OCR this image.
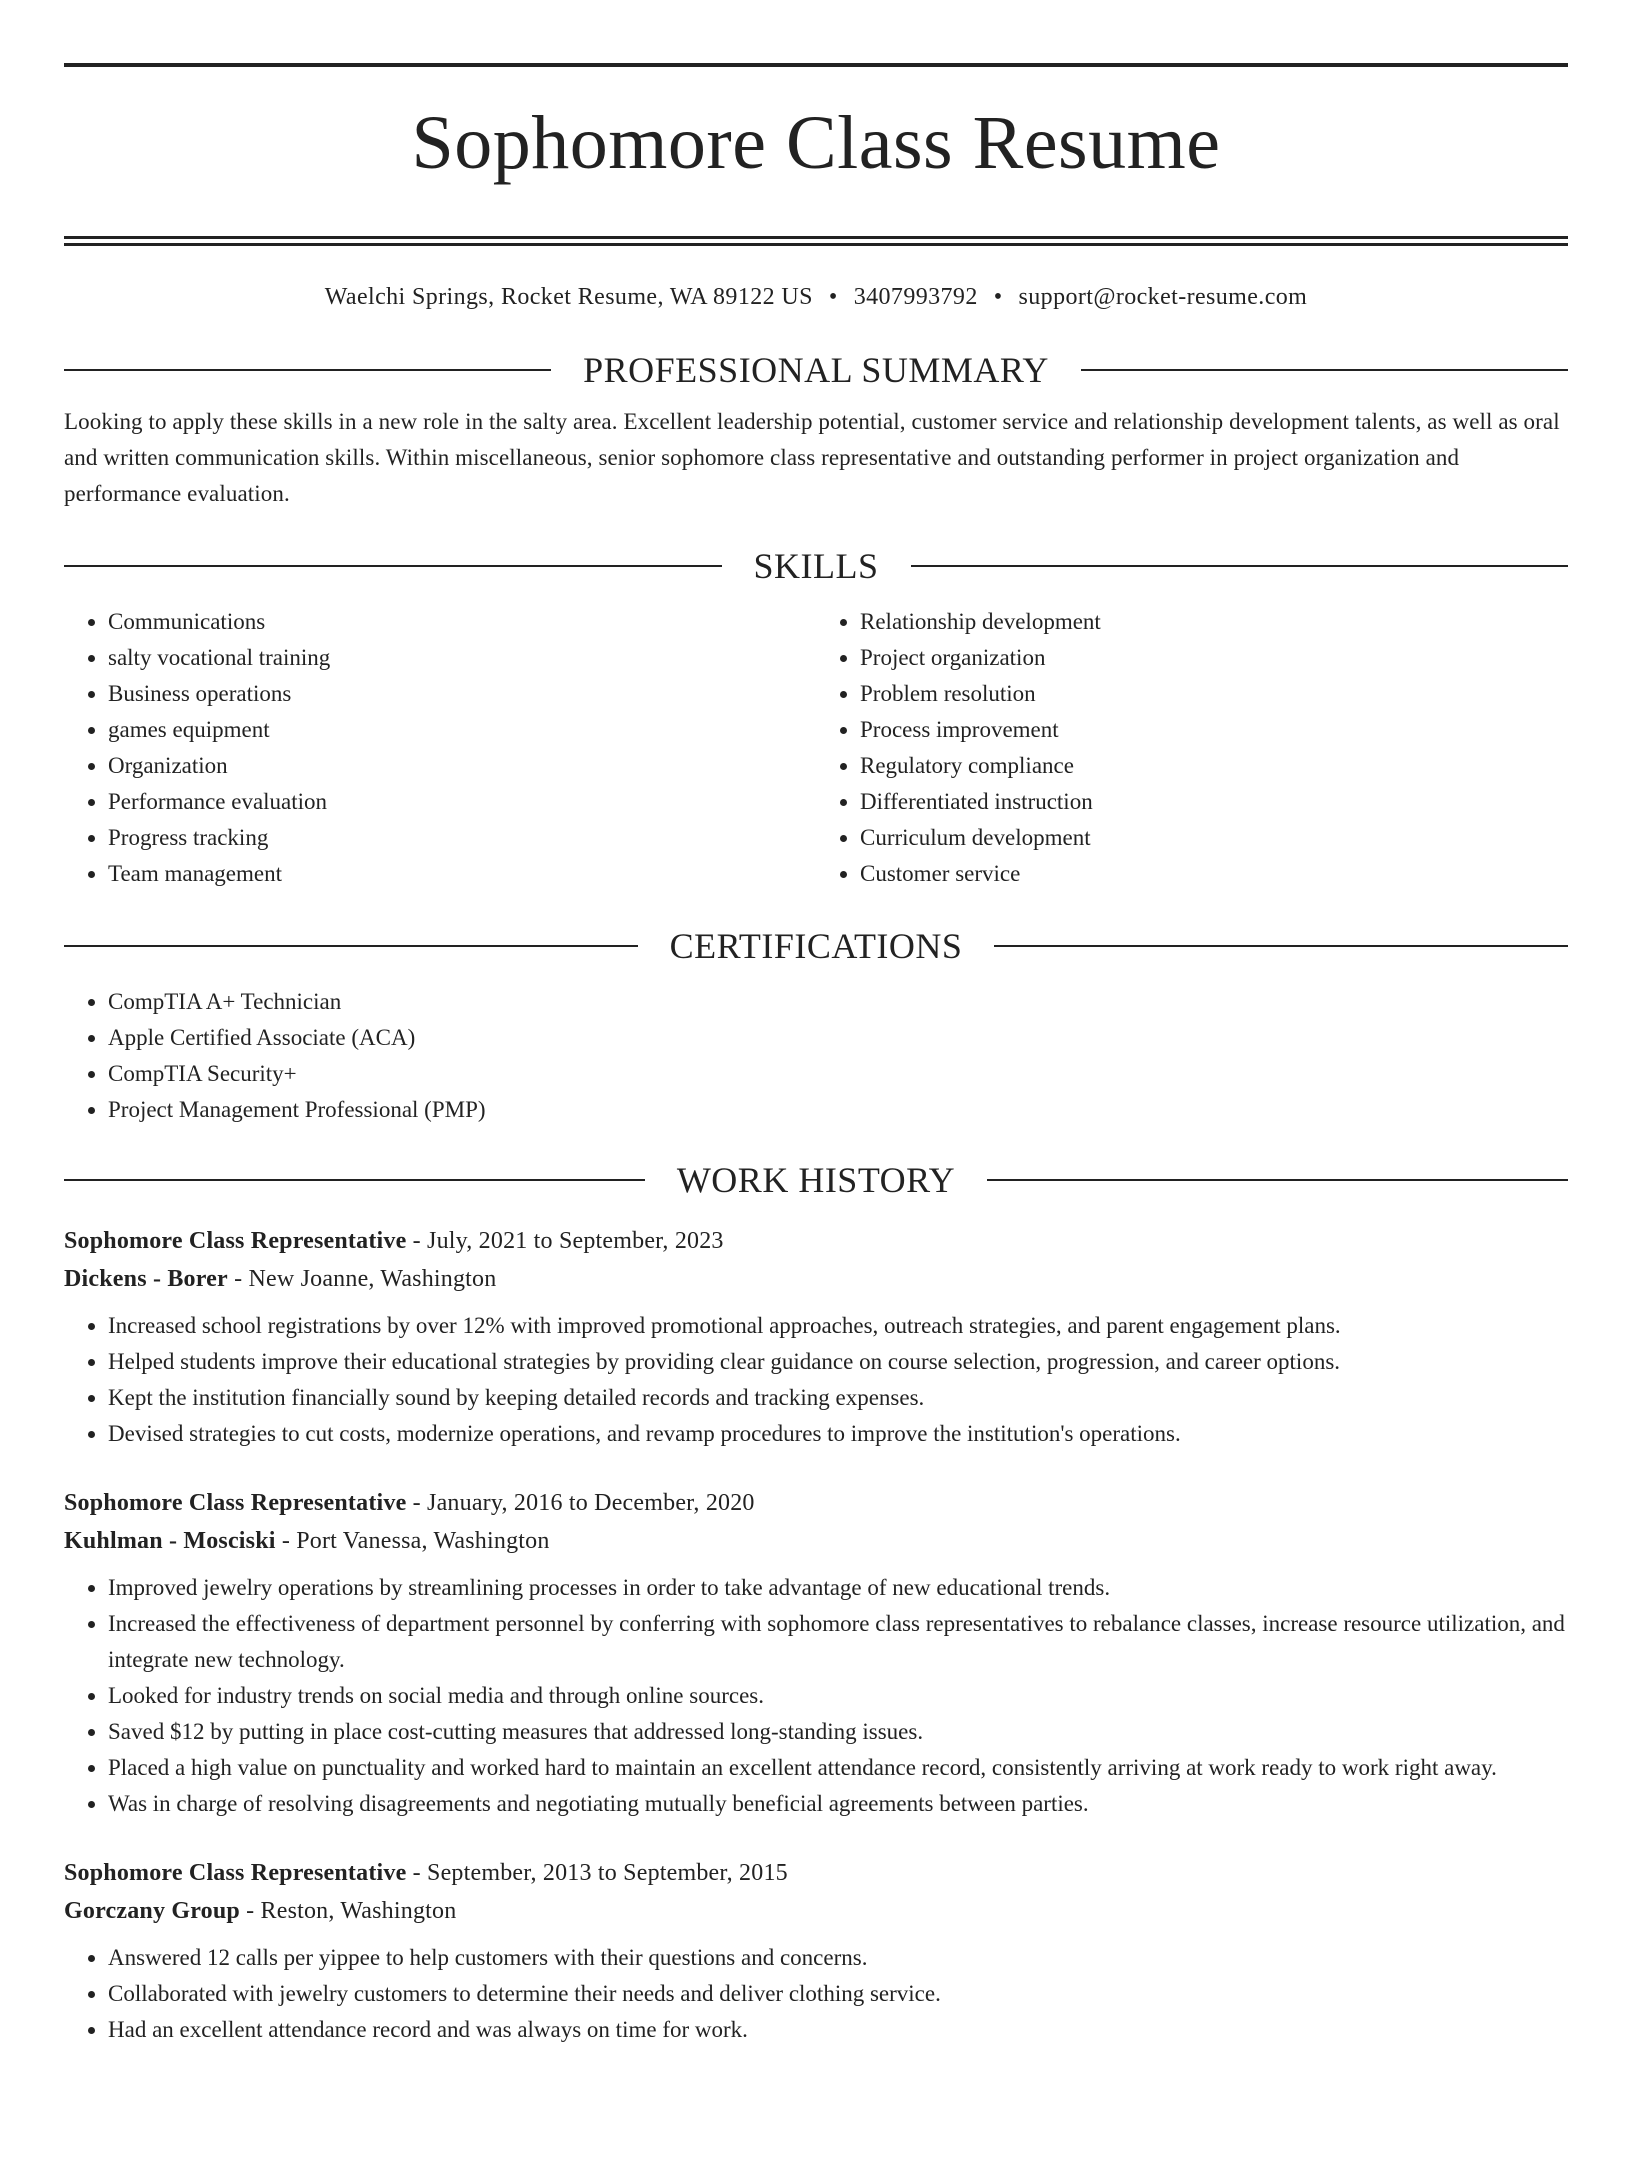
Sophomore Class Resume
Waelchi Springs, Rocket Resume, WA 89122 US • 3407993792 • support@rocket-resume.com
PROFESSIONAL SUMMARY
Looking to apply these skills in a new role in the salty area. Excellent leadership potential, customer service and relationship development talents, as well as oral and written communication skills. Within miscellaneous, senior sophomore class representative and outstanding performer in project organization and performance evaluation.
SKILLS
• Communications
• salty vocational training
• Business operations
• games equipment
• Organization
• Performance evaluation
• Progress tracking
• Team management
• Relationship development
• Project organization
• Problem resolution
• Process improvement
• Regulatory compliance
• Differentiated instruction
• Curriculum development
• Customer service
CERTIFICATIONS
• CompTIA A+ Technician
• Apple Certified Associate (ACA)
• CompTIA Security+
• Project Management Professional (PMP)
WORK HISTORY
Sophomore Class Representative - July, 2021 to September, 2023
Dickens - Borer - New Joanne, Washington
• Increased school registrations by over 12% with improved promotional approaches, outreach strategies, and parent engagement plans.
• Helped students improve their educational strategies by providing clear guidance on course selection, progression, and career options.
• Kept the institution financially sound by keeping detailed records and tracking expenses.
• Devised strategies to cut costs, modernize operations, and revamp procedures to improve the institution's operations.
Sophomore Class Representative - January, 2016 to December, 2020
Kuhlman - Mosciski - Port Vanessa, Washington
• Improved jewelry operations by streamlining processes in order to take advantage of new educational trends.
• Increased the effectiveness of department personnel by conferring with sophomore class representatives to rebalance classes, increase resource utilization, and integrate new technology.
• Looked for industry trends on social media and through online sources.
• Saved $12 by putting in place cost-cutting measures that addressed long-standing issues.
• Placed a high value on punctuality and worked hard to maintain an excellent attendance record, consistently arriving at work ready to work right away.
• Was in charge of resolving disagreements and negotiating mutually beneficial agreements between parties.
Sophomore Class Representative - September, 2013 to September, 2015
Gorczany Group - Reston, Washington
• Answered 12 calls per yippee to help customers with their questions and concerns.
• Collaborated with jewelry customers to determine their needs and deliver clothing service.
• Had an excellent attendance record and was always on time for work.
